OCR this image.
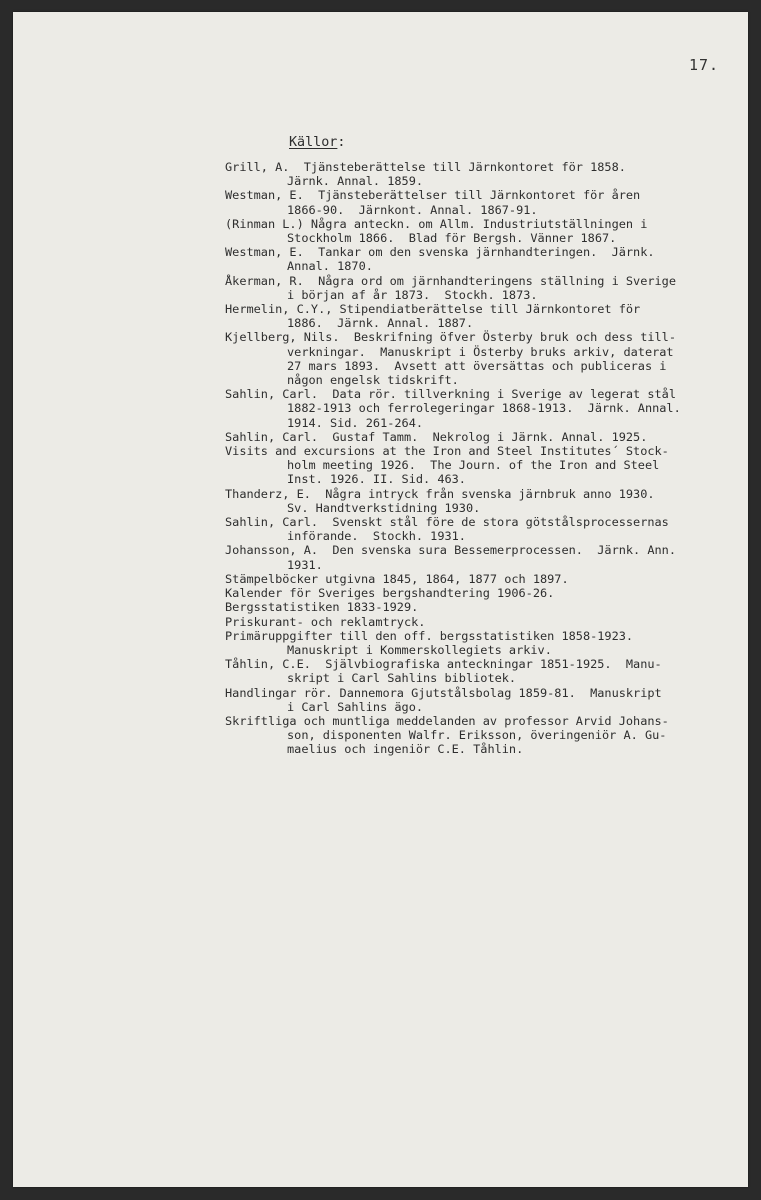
17.
Källor:
Grill, A.  Tjänsteberättelse till Järnkontoret för 1858.
Järnk. Annal. 1859.
Westman, E.  Tjänsteberättelser till Järnkontoret för åren
1866-90.  Järnkont. Annal. 1867-91.
(Rinman L.) Några anteckn. om Allm. Industriutställningen i
Stockholm 1866.  Blad för Bergsh. Vänner 1867.
Westman, E.  Tankar om den svenska järnhandteringen.  Järnk.
Annal. 1870.
Åkerman, R.  Några ord om järnhandteringens ställning i Sverige
i början af år 1873.  Stockh. 1873.
Hermelin, C.Y., Stipendiatberättelse till Järnkontoret för
1886.  Järnk. Annal. 1887.
Kjellberg, Nils.  Beskrifning öfver Österby bruk och dess till-
verkningar.  Manuskript i Österby bruks arkiv, daterat
27 mars 1893.  Avsett att översättas och publiceras i
någon engelsk tidskrift.
Sahlin, Carl.  Data rör. tillverkning i Sverige av legerat stål
1882-1913 och ferrolegeringar 1868-1913.  Järnk. Annal.
1914. Sid. 261-264.
Sahlin, Carl.  Gustaf Tamm.  Nekrolog i Järnk. Annal. 1925.
Visits and excursions at the Iron and Steel Institutes´ Stock-
holm meeting 1926.  The Journ. of the Iron and Steel
Inst. 1926. II. Sid. 463.
Thanderz, E.  Några intryck från svenska järnbruk anno 1930.
Sv. Handtverkstidning 1930.
Sahlin, Carl.  Svenskt stål före de stora götstålsprocessernas
införande.  Stockh. 1931.
Johansson, A.  Den svenska sura Bessemerprocessen.  Järnk. Ann.
1931.
Stämpelböcker utgivna 1845, 1864, 1877 och 1897.
Kalender för Sveriges bergshandtering 1906-26.
Bergsstatistiken 1833-1929.
Priskurant- och reklamtryck.
Primäruppgifter till den off. bergsstatistiken 1858-1923.
Manuskript i Kommerskollegiets arkiv.
Tåhlin, C.E.  Självbiografiska anteckningar 1851-1925.  Manu-
skript i Carl Sahlins bibliotek.
Handlingar rör. Dannemora Gjutstålsbolag 1859-81.  Manuskript
i Carl Sahlins ägo.
Skriftliga och muntliga meddelanden av professor Arvid Johans-
son, disponenten Walfr. Eriksson, överingeniör A. Gu-
maelius och ingeniör C.E. Tåhlin.
